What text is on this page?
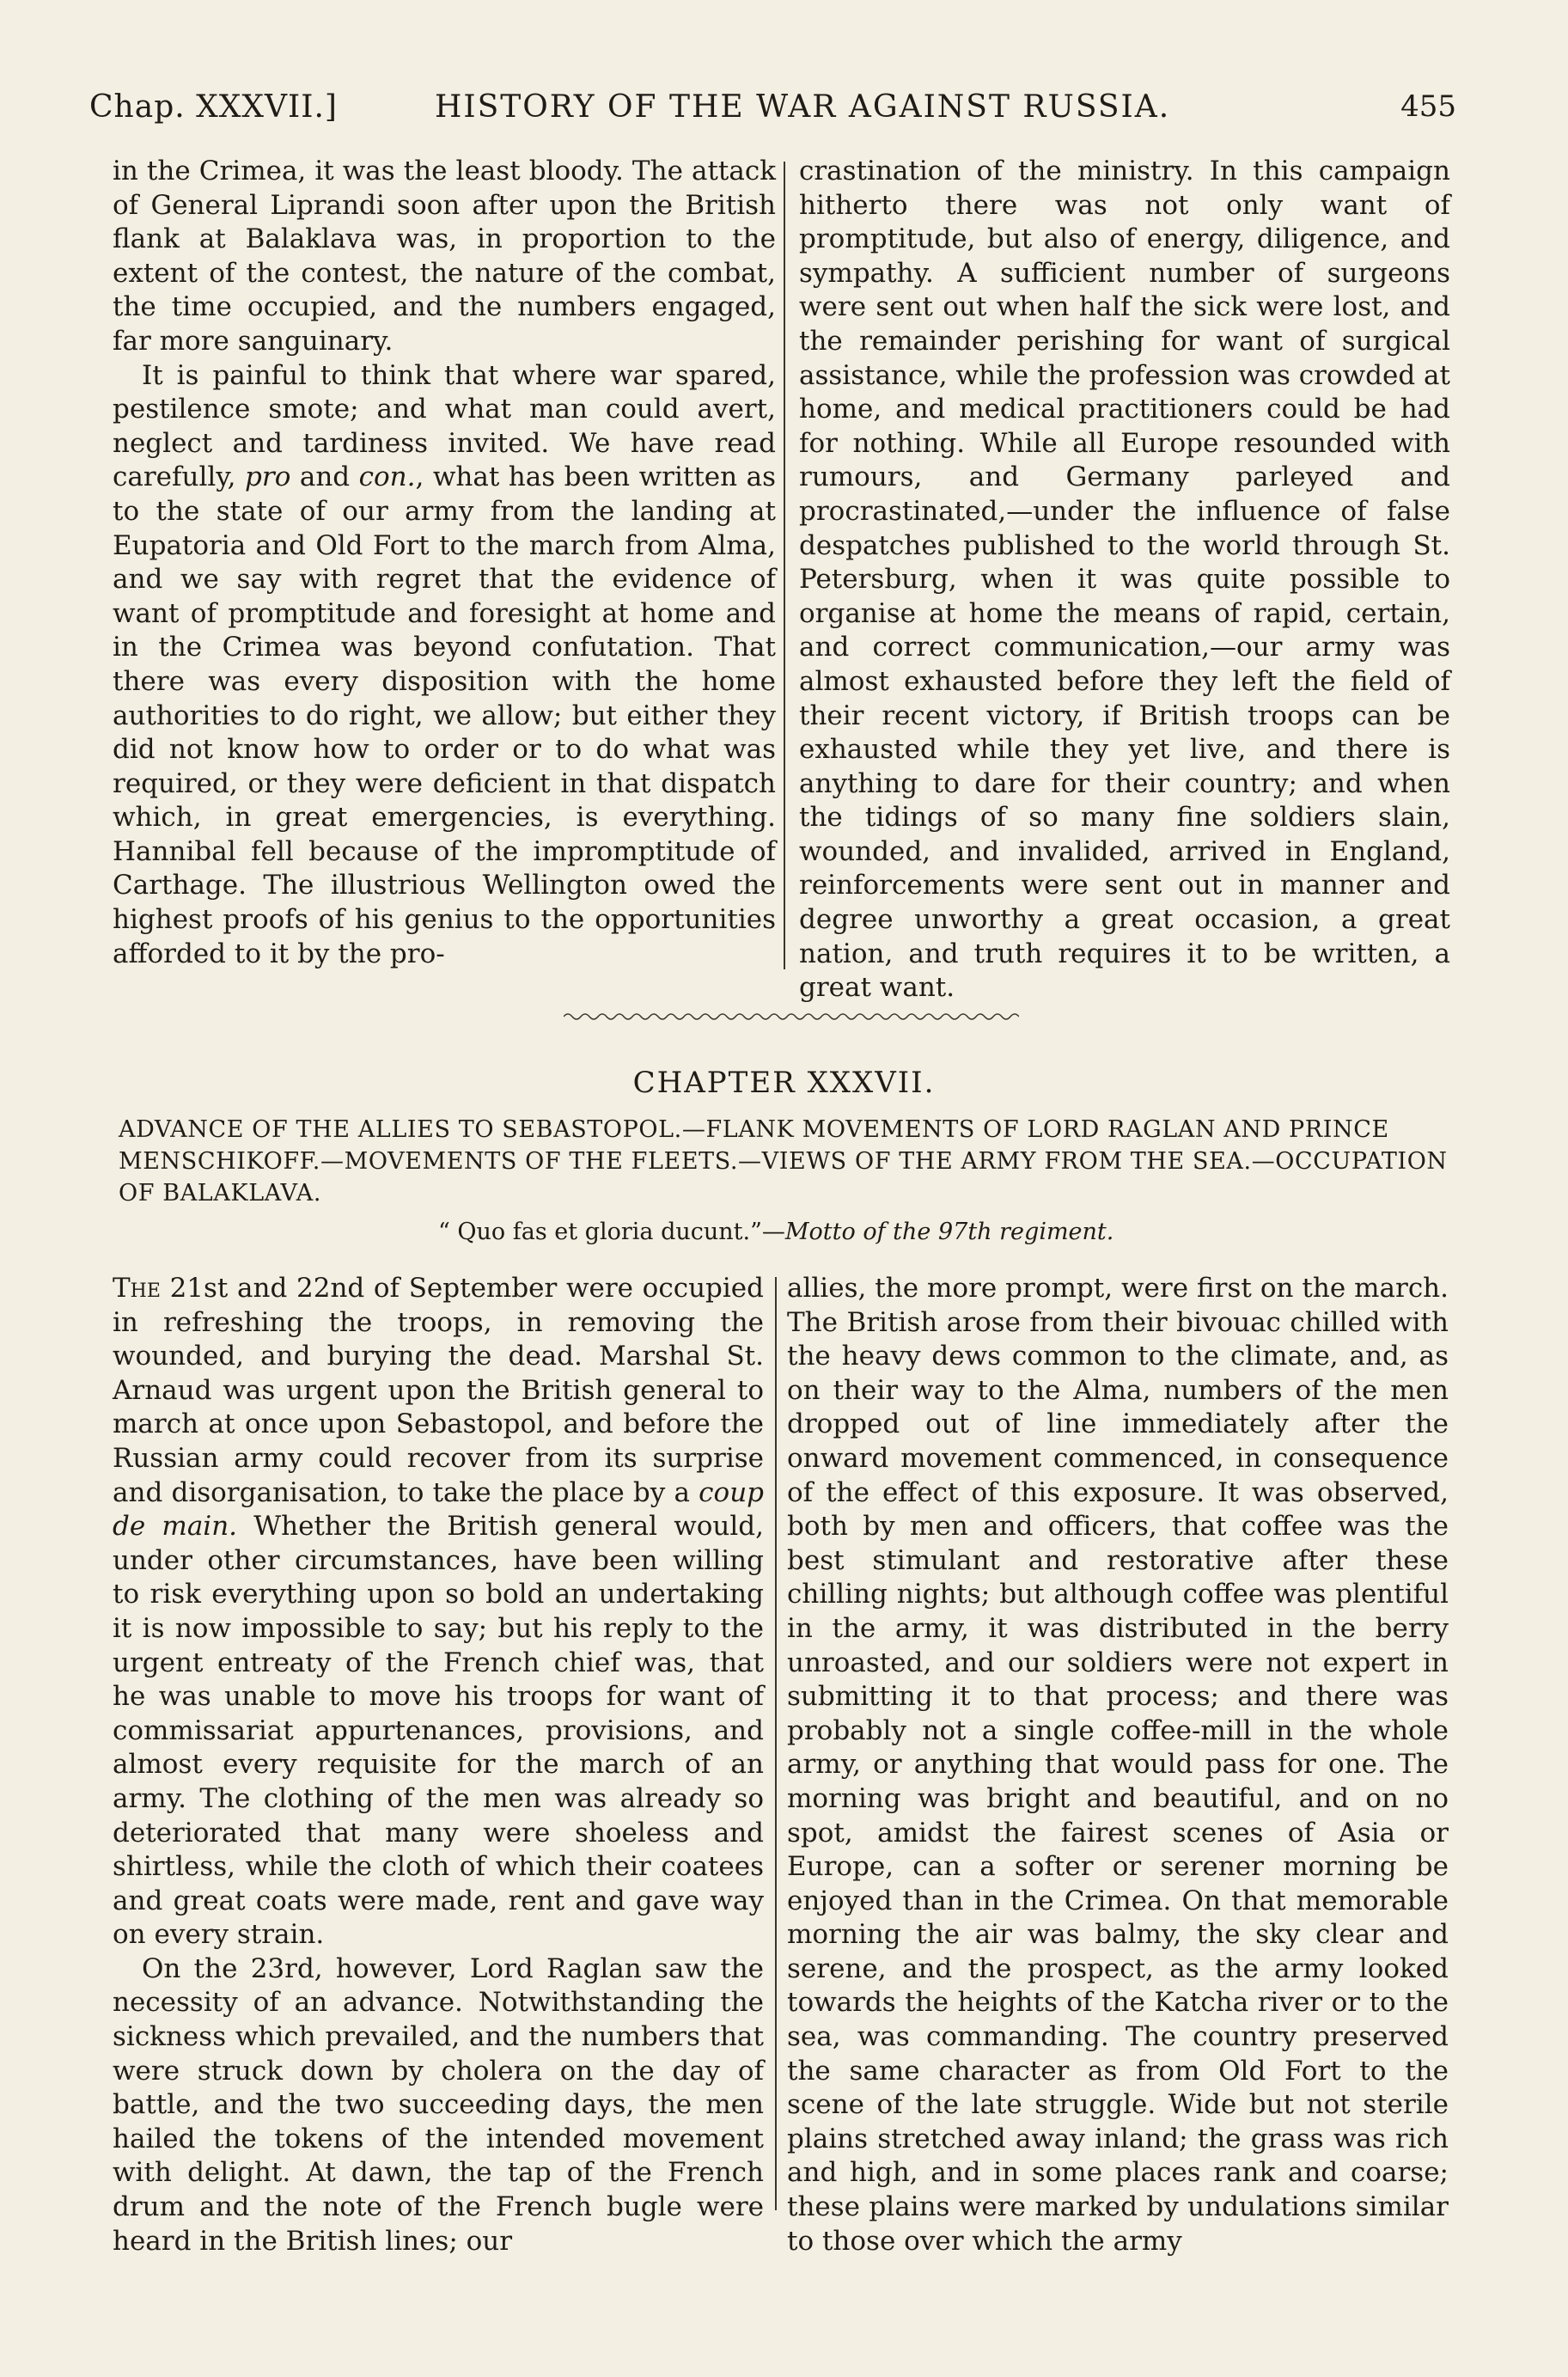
Chap. XXXVII.]	HISTORY OF THE WAR AGAINST RUSSIA.	455

in the Crimea, it was the least bloody. The attack of General Liprandi soon after upon the British flank at Balaklava was, in proportion to the extent of the contest, the nature of the combat, the time occupied, and the numbers engaged, far more sanguinary.

It is painful to think that where war spared, pestilence smote; and what man could avert, neglect and tardiness invited. We have read carefully, pro and con., what has been written as to the state of our army from the landing at Eupatoria and Old Fort to the march from Alma, and we say with regret that the evidence of want of promptitude and foresight at home and in the Crimea was beyond confutation. That there was every disposition with the home authorities to do right, we allow; but either they did not know how to order or to do what was required, or they were deficient in that dispatch which, in great emergencies, is everything. Hannibal fell because of the impromptitude of Carthage. The illustrious Wellington owed the highest proofs of his genius to the opportunities afforded to it by the pro-

crastination of the ministry. In this campaign hitherto there was not only want of promptitude, but also of energy, diligence, and sympathy. A sufficient number of surgeons were sent out when half the sick were lost, and the remainder perishing for want of surgical assistance, while the profession was crowded at home, and medical practitioners could be had for nothing. While all Europe resounded with rumours, and Germany parleyed and procrastinated,—under the influence of false despatches published to the world through St. Petersburg, when it was quite possible to organise at home the means of rapid, certain, and correct communication,—our army was almost exhausted before they left the field of their recent victory, if British troops can be exhausted while they yet live, and there is anything to dare for their country; and when the tidings of so many fine soldiers slain, wounded, and invalided, arrived in England, reinforcements were sent out in manner and degree unworthy a great occasion, a great nation, and truth requires it to be written, a great want.

CHAPTER XXXVII.
ADVANCE OF THE ALLIES TO SEBASTOPOL.—FLANK MOVEMENTS OF LORD RAGLAN AND PRINCE MENSCHIKOFF.—MOVEMENTS OF THE FLEETS.—VIEWS OF THE ARMY FROM THE SEA.—OCCUPATION OF BALAKLAVA.
“ Quo fas et gloria ducunt.”—Motto of the 97th regiment.

The 21st and 22nd of September were occupied in refreshing the troops, in removing the wounded, and burying the dead. Marshal St. Arnaud was urgent upon the British general to march at once upon Sebastopol, and before the Russian army could recover from its surprise and disorganisation, to take the place by a coup de main. Whether the British general would, under other circumstances, have been willing to risk everything upon so bold an undertaking it is now impossible to say; but his reply to the urgent entreaty of the French chief was, that he was unable to move his troops for want of commissariat appurtenances, provisions, and almost every requisite for the march of an army. The clothing of the men was already so deteriorated that many were shoeless and shirtless, while the cloth of which their coatees and great coats were made, rent and gave way on every strain.

On the 23rd, however, Lord Raglan saw the necessity of an advance. Notwithstanding the sickness which prevailed, and the numbers that were struck down by cholera on the day of battle, and the two succeeding days, the men hailed the tokens of the intended movement with delight. At dawn, the tap of the French drum and the note of the French bugle were heard in the British lines; our

allies, the more prompt, were first on the march. The British arose from their bivouac chilled with the heavy dews common to the climate, and, as on their way to the Alma, numbers of the men dropped out of line immediately after the onward movement commenced, in consequence of the effect of this exposure. It was observed, both by men and officers, that coffee was the best stimulant and restorative after these chilling nights; but although coffee was plentiful in the army, it was distributed in the berry unroasted, and our soldiers were not expert in submitting it to that process; and there was probably not a single coffee-mill in the whole army, or anything that would pass for one. The morning was bright and beautiful, and on no spot, amidst the fairest scenes of Asia or Europe, can a softer or serener morning be enjoyed than in the Crimea. On that memorable morning the air was balmy, the sky clear and serene, and the prospect, as the army looked towards the heights of the Katcha river or to the sea, was commanding. The country preserved the same character as from Old Fort to the scene of the late struggle. Wide but not sterile plains stretched away inland; the grass was rich and high, and in some places rank and coarse; these plains were marked by undulations similar to those over which the army
